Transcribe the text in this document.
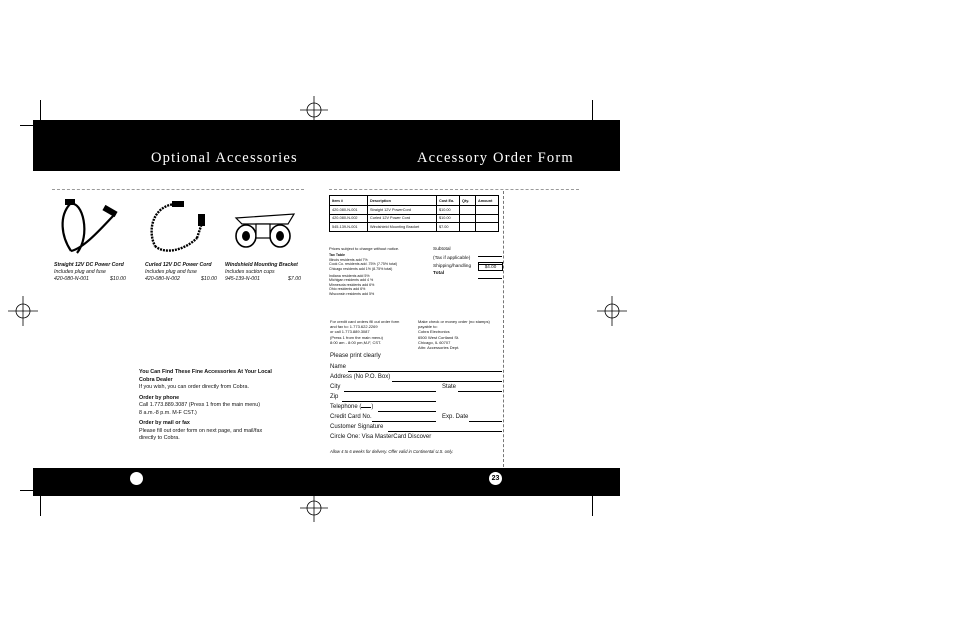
Optional Accessories	Accessory Order Form
Straight 12V DC Power Cord
Includes plug and fuse
420-080-N-001	$10.00
Curled 12V DC Power Cord
Includes plug and fuse
420-080-N-002	$10.00
Windshield Mounting Bracket
Includes suction cups
945-139-N-001	$7.00
You Can Find These Fine Accessories At Your Local
Cobra Dealer
If you wish, you can order directly from Cobra.
Order by phone
Call 1.773.889.3087 (Press 1 from the main menu)
8 a.m.-8 p.m. M-F CST.)
Order by mail or fax
Please fill out order form on next page, and mail/fax
directly to Cobra.
Item #	Description	Cost Ea.	Qty.	Amount
420-080-N-001	Straight 12V PowerCord	$10.00		
420-080-N-002	Curled 12V Power Cord	$10.00		
545-139-N-001	Windshield Mounting Bracket	$7.00		
Prices subject to change without notice.
Tax Table
Illinois residents add 7%
Cook Co. residents add .75% (7.75% total)
Chicago residents add 1% (8.75% total)
Indiana residents add 5%
Michigan residents add 4 %
Minnesota residents add 6%
Ohio residents add 6%
Wisconsin residents add 5%
Subtotal
(Tax if applicable)
Shipping/handling	$4.00
Total
For credit card orders fill out order form
and fax to: 1.773.622.2269
or call 1.773.889.3087
(Press 1 from the main menu)
8:00 am - 8:00 pm,M-F, CST.
Make check or money order (no stamps)
payable to:
Cobra Electronics
6500 West Cortland St.
Chicago, IL 60707
Attn: Accessories Dept.
Please print clearly
Name
Address (No P.O. Box)
City	State
Zip
Telephone ( )
Credit Card No.	Exp. Date
Customer Signature
Circle One: Visa MasterCard Discover
Allow 4 to 6 weeks for delivery. Offer valid in Continental U.S. only.
23
